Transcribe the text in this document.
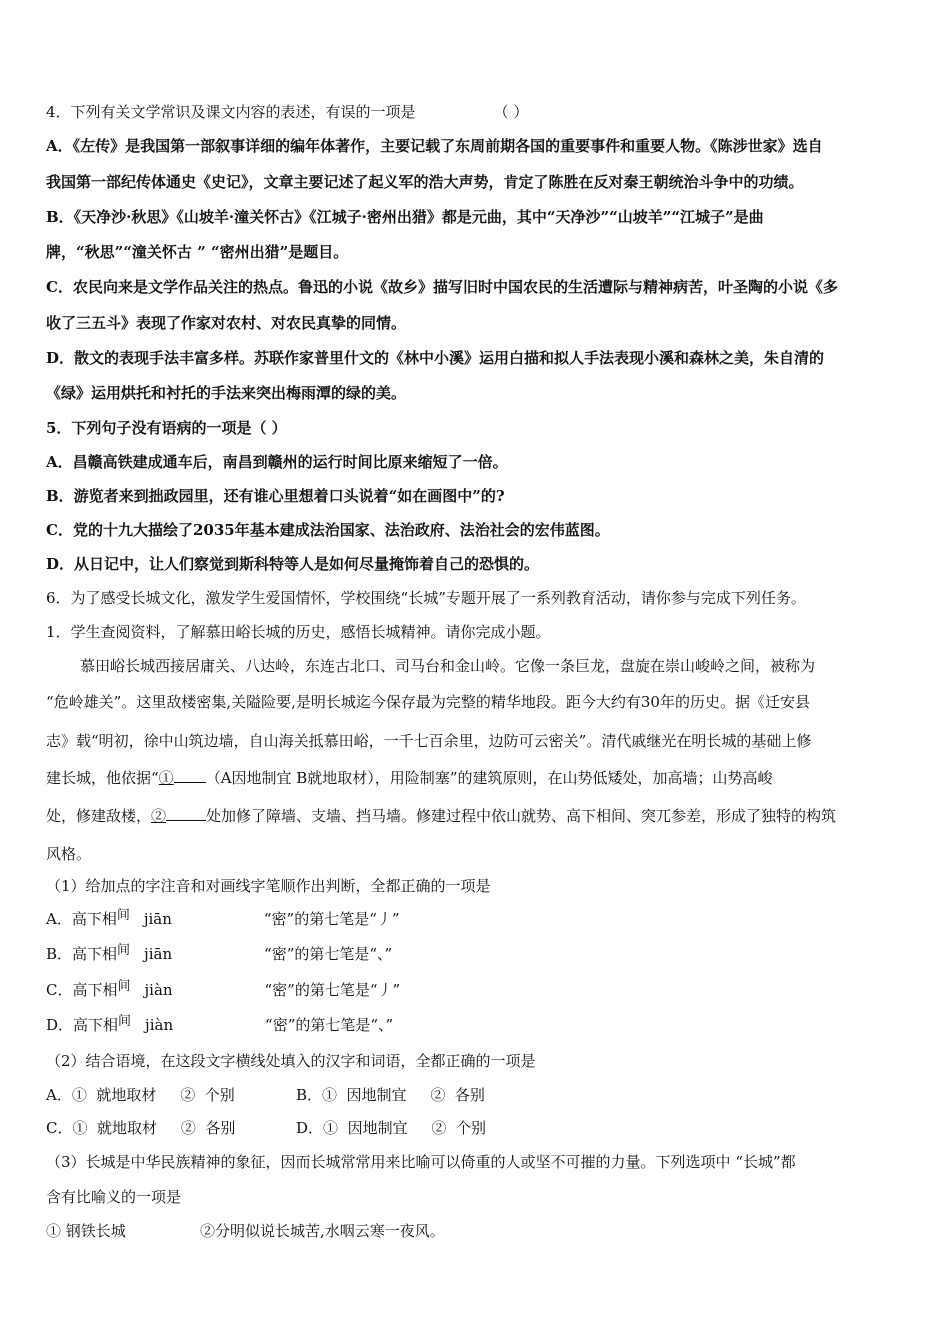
4．下列有关文学常识及课文内容的表述，有误的一项是	（ ）
A．《左传》是我国第一部叙事详细的编年体著作，主要记载了东周前期各国的重要事件和重要人物。《陈涉世家》选自
我国第一部纪传体通史《史记》，文章主要记述了起义军的浩大声势，肯定了陈胜在反对秦王朝统治斗争中的功绩。
B．《天净沙·秋思》《山坡羊·潼关怀古》《江城子·密州出猎》都是元曲，其中“天净沙”“山坡羊”“江城子”是曲
牌，“秋思”“潼关怀古 ” “密州出猎”是题目。
C．农民向来是文学作品关注的热点。鲁迅的小说《故乡》描写旧时中国农民的生活遭际与精神病苦，叶圣陶的小说《多
收了三五斗》表现了作家对农村、对农民真挚的同情。
D．散文的表现手法丰富多样。苏联作家普里什文的《林中小溪》运用白描和拟人手法表现小溪和森林之美，朱自清的
《绿》运用烘托和衬托的手法来突出梅雨潭的绿的美。
5．下列句子没有语病的一项是（ ）
A．昌赣高铁建成通车后，南昌到赣州的运行时间比原来缩短了一倍。
B．游览者来到拙政园里，还有谁心里想着口头说着“如在画图中”的?
C．党的十九大描绘了2035年基本建成法治国家、法治政府、法治社会的宏伟蓝图。
D．从日记中，让人们察觉到斯科特等人是如何尽量掩饰着自己的恐惧的。
6．为了感受长城文化，激发学生爱国情怀，学校围绕“长城”专题开展了一系列教育活动，请你参与完成下列任务。
1．学生查阅资料，了解慕田峪长城的历史，感悟长城精神。请你完成小题。
慕田峪长城西接居庸关、八达岭，东连古北口、司马台和金山岭。它像一条巨龙，盘旋在崇山峻岭之间，被称为
“危岭雄关”。这里敌楼密集,关隘险要,是明长城迄今保存最为完整的精华地段。距今大约有30年的历史。据《迁安县
志》载“明初，徐中山筑边墙，自山海关抵慕田峪，一千七百余里，边防可云密关”。清代戚继光在明长城的基础上修
建长城，他依据“① （A因地制宜 B就地取材），用险制塞”的建筑原则，在山势低矮处，加高墙；山势高峻
处，修建敌楼，②	处加修了障墙、支墙、挡马墙。修建过程中依山就势、高下相间、突兀参差，形成了独特的构筑
风格。
（1）给加点的字注音和对画线字笔顺作出判断，全都正确的一项是
A．高下相间 jiān	“密”的第七笔是“丿”
B．高下相间 jiān	“密”的第七笔是“、”
C．高下相间 jiàn	“密”的第七笔是“丿”
D．高下相间 jiàn	“密”的第七笔是“、”
（2）结合语境，在这段文字横线处填入的汉字和词语，全都正确的一项是
A．①  就地取材     ②  个别	B．①  因地制宜     ②  各别
C．①  就地取材     ②  各别	D．①  因地制宜     ②  个别
（3）长城是中华民族精神的象征，因而长城常常用来比喻可以倚重的人或坚不可摧的力量。下列选项中 “长城”都
含有比喻义的一项是
① 钢铁长城	②分明似说长城苦,水咽云寒一夜风。
